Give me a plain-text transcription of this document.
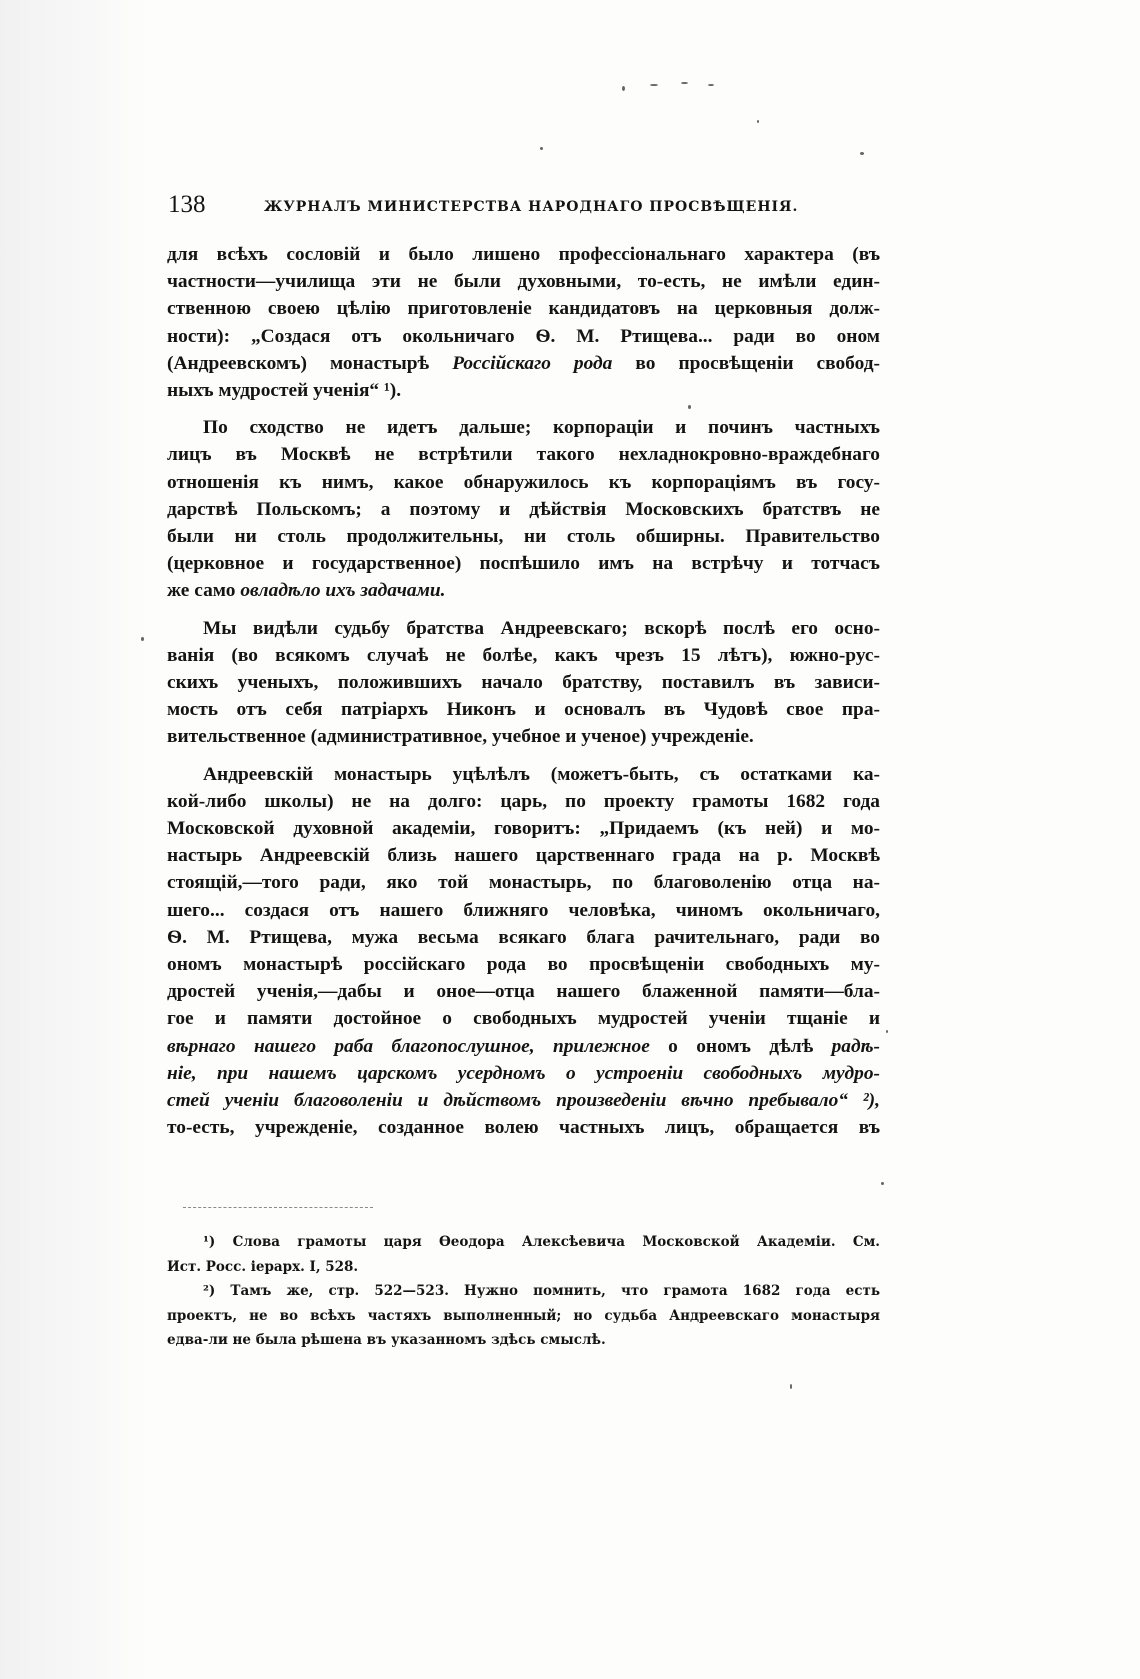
138	ЖУРНАЛЪ МИНИСТЕРСТВА НАРОДНАГО ПРОСВѢЩЕНІЯ.

для всѣхъ сословій и было лишено профессіональнаго характера (въ
частности—училища эти не были духовными, то-есть, не имѣли един-
ственною своею цѣлію приготовленіе кандидатовъ на церковныя долж-
ности): „Создася отъ окольничаго Ѳ. М. Ртищева... ради во оном
(Андреевскомъ) монастырѣ Россійскаго рода во просвѣщеніи свобод-
ныхъ мудростей ученія“ ¹).

По сходство не идетъ дальше; корпораціи и починъ частныхъ
лицъ въ Москвѣ не встрѣтили такого нехладнокровно-враждебнаго
отношенія къ нимъ, какое обнаружилось къ корпораціямъ въ госу-
дарствѣ Польскомъ; а поэтому и дѣйствія Московскихъ братствъ не
были ни столь продолжительны, ни столь обширны. Правительство
(церковное и государственное) поспѣшило имъ на встрѣчу и тотчасъ
же само овладѣло ихъ задачами.

Мы видѣли судьбу братства Андреевскаго; вскорѣ послѣ его осно-
ванія (во всякомъ случаѣ не болѣе, какъ чрезъ 15 лѣтъ), южно-рус-
скихъ ученыхъ, положившихъ начало братству, поставилъ въ зависи-
мость отъ себя патріархъ Никонъ и основалъ въ Чудовѣ свое пра-
вительственное (административное, учебное и ученое) учрежденіе.

Андреевскій монастырь уцѣлѣлъ (можетъ-быть, съ остатками ка-
кой-либо школы) не на долго: царь, по проекту грамоты 1682 года
Московской духовной академіи, говоритъ: „Придаемъ (къ ней) и мо-
настырь Андреевскій близь нашего царственнаго града на р. Москвѣ
стоящій,—того ради, яко той монастырь, по благоволенію отца на-
шего... создася отъ нашего ближняго человѣка, чиномъ окольничаго,
Ѳ. М. Ртищева, мужа весьма всякаго блага рачительнаго, ради во
ономъ монастырѣ россійскаго рода во просвѣщеніи свободныхъ му-
дростей ученія,—дабы и оное—отца нашего блаженной памяти—бла-
гое и памяти достойное о свободныхъ мудростей ученіи тщаніе и
вѣрнаго нашего раба благопослушное, прилежное о ономъ дѣлѣ радѣ-
ніе, при нашемъ царскомъ усердномъ о устроеніи свободныхъ мудро-
стей ученіи благоволеніи и дѣйствомъ произведеніи вѣчно пребывало“ ²),
то-есть, учрежденіе, созданное волею частныхъ лицъ, обращается въ

¹) Слова грамоты царя Ѳеодора Алексѣевича Московской Академіи. См.
Ист. Росс. іерарх. I, 528.
²) Тамъ же, стр. 522—523. Нужно помнить, что грамота 1682 года есть
проектъ, не во всѣхъ частяхъ выполненный; но судьба Андреевскаго монастыря
едва-ли не была рѣшена въ указанномъ здѣсь смыслѣ.
